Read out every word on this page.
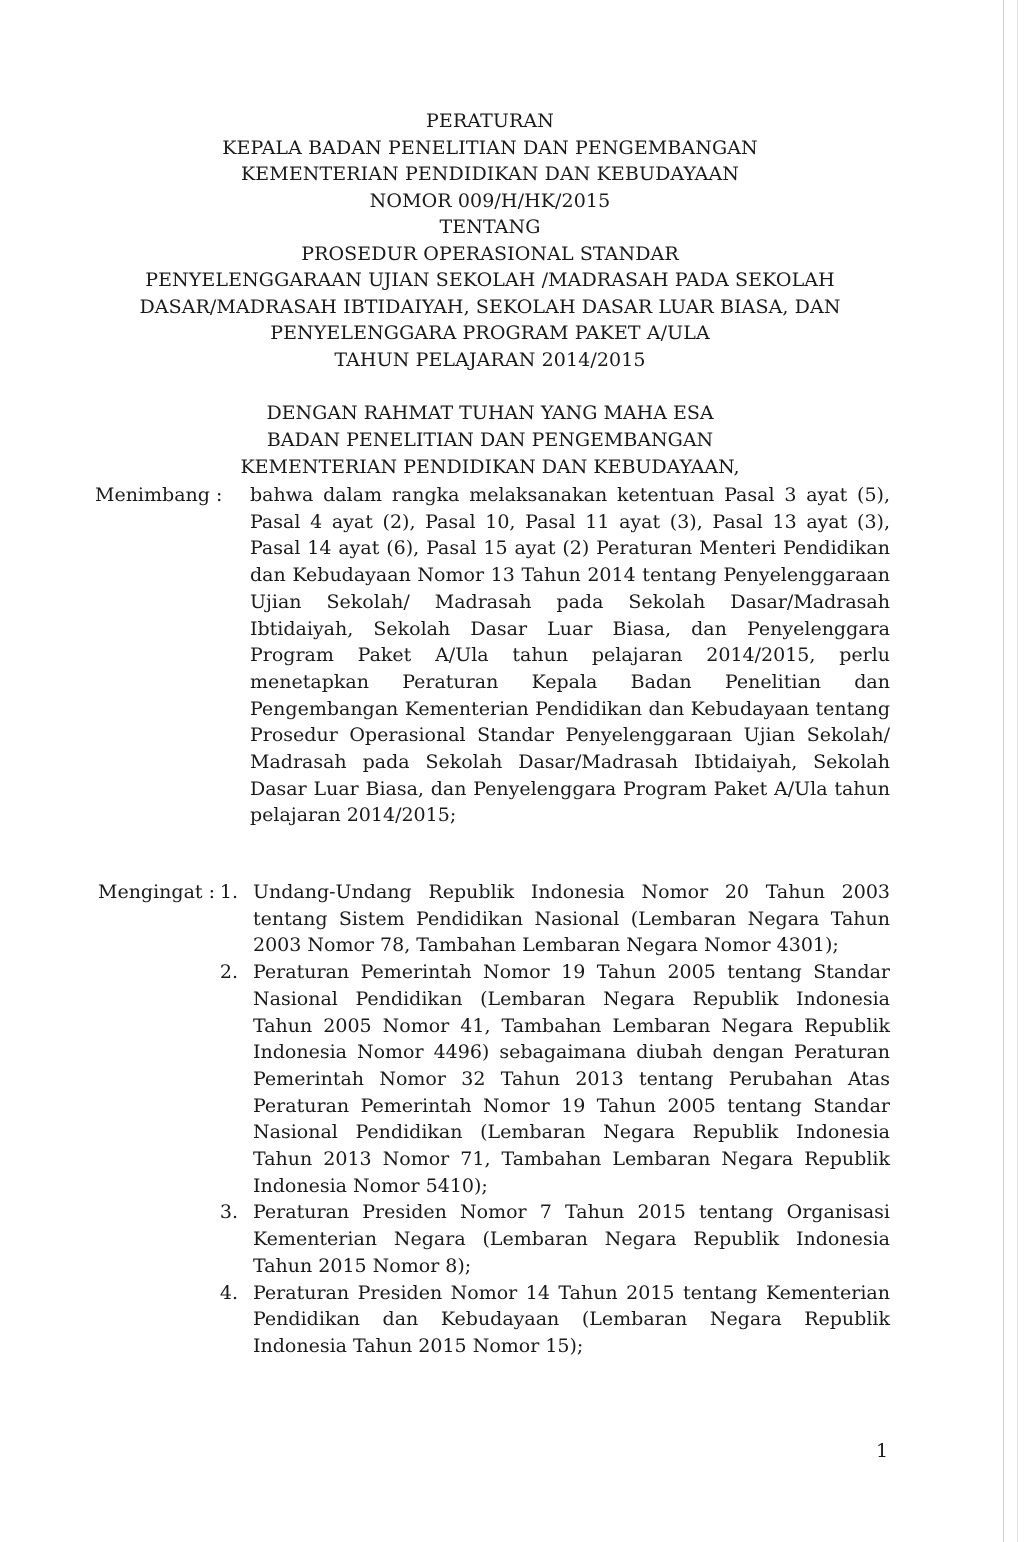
PERATURAN
KEPALA BADAN PENELITIAN DAN PENGEMBANGAN
KEMENTERIAN PENDIDIKAN DAN KEBUDAYAAN
NOMOR 009/H/HK/2015
TENTANG
PROSEDUR OPERASIONAL STANDAR
PENYELENGGARAAN UJIAN SEKOLAH /MADRASAH PADA SEKOLAH
DASAR/MADRASAH IBTIDAIYAH, SEKOLAH DASAR LUAR BIASA, DAN
PENYELENGGARA PROGRAM PAKET A/ULA
TAHUN PELAJARAN 2014/2015
DENGAN RAHMAT TUHAN YANG MAHA ESA
BADAN PENELITIAN DAN PENGEMBANGAN
KEMENTERIAN PENDIDIKAN DAN KEBUDAYAAN,
Menimbang : bahwa dalam rangka melaksanakan ketentuan Pasal 3 ayat (5), Pasal 4 ayat (2), Pasal 10, Pasal 11 ayat (3), Pasal 13 ayat (3), Pasal 14 ayat (6), Pasal 15 ayat (2) Peraturan Menteri Pendidikan dan Kebudayaan Nomor 13 Tahun 2014 tentang Penyelenggaraan Ujian Sekolah/ Madrasah pada Sekolah Dasar/Madrasah Ibtidaiyah, Sekolah Dasar Luar Biasa, dan Penyelenggara Program Paket A/Ula tahun pelajaran 2014/2015, perlu menetapkan Peraturan Kepala Badan Penelitian dan Pengembangan Kementerian Pendidikan dan Kebudayaan tentang Prosedur Operasional Standar Penyelenggaraan Ujian Sekolah/ Madrasah pada Sekolah Dasar/Madrasah Ibtidaiyah, Sekolah Dasar Luar Biasa, dan Penyelenggara Program Paket A/Ula tahun pelajaran 2014/2015;
Mengingat : 1. Undang-Undang Republik Indonesia Nomor 20 Tahun 2003 tentang Sistem Pendidikan Nasional (Lembaran Negara Tahun 2003 Nomor 78, Tambahan Lembaran Negara Nomor 4301);
2. Peraturan Pemerintah Nomor 19 Tahun 2005 tentang Standar Nasional Pendidikan (Lembaran Negara Republik Indonesia Tahun 2005 Nomor 41, Tambahan Lembaran Negara Republik Indonesia Nomor 4496) sebagaimana diubah dengan Peraturan Pemerintah Nomor 32 Tahun 2013 tentang Perubahan Atas Peraturan Pemerintah Nomor 19 Tahun 2005 tentang Standar Nasional Pendidikan (Lembaran Negara Republik Indonesia Tahun 2013 Nomor 71, Tambahan Lembaran Negara Republik Indonesia Nomor 5410);
3. Peraturan Presiden Nomor 7 Tahun 2015 tentang Organisasi Kementerian Negara (Lembaran Negara Republik Indonesia Tahun 2015 Nomor 8);
4. Peraturan Presiden Nomor 14 Tahun 2015 tentang Kementerian Pendidikan dan Kebudayaan (Lembaran Negara Republik Indonesia Tahun 2015 Nomor 15);
1
